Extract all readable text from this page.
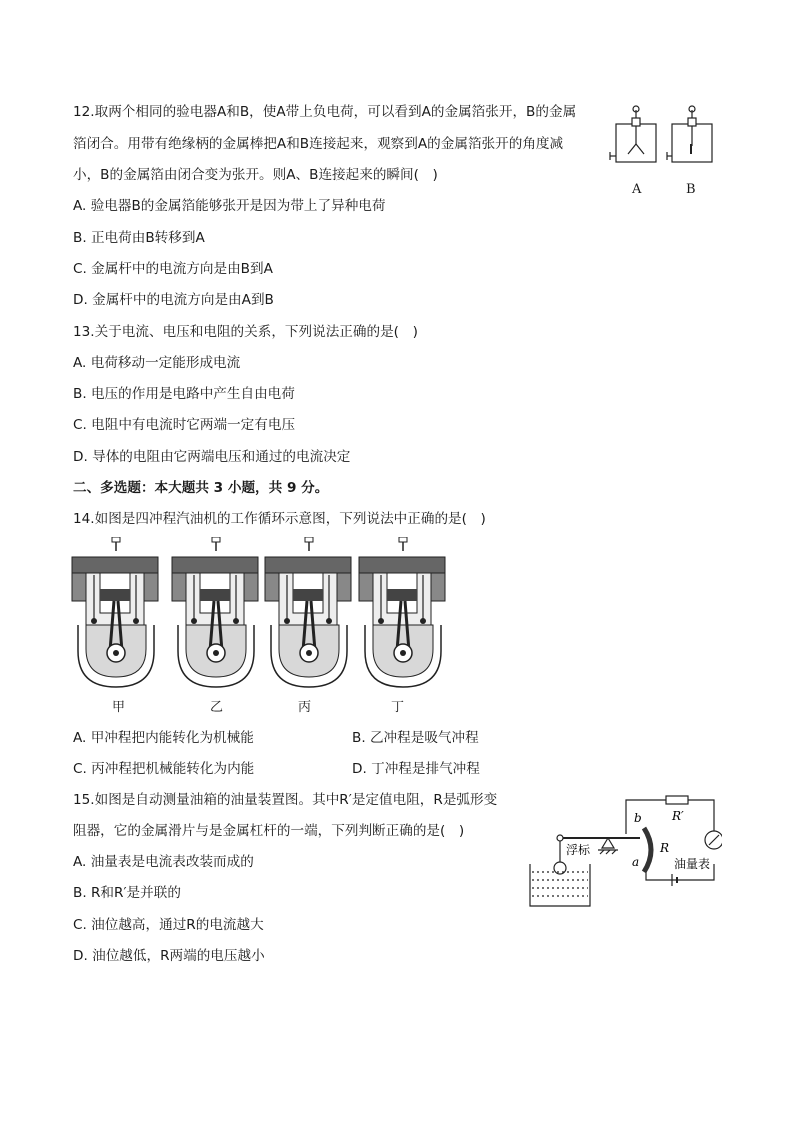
12.取两个相同的验电器A和B，使A带上负电荷，可以看到A的金属箔张开，B的金属
箔闭合。用带有绝缘柄的金属棒把A和B连接起来，观察到A的金属箔张开的角度减
小，B的金属箔由闭合变为张开。则A、B连接起来的瞬间(　)
A. 验电器B的金属箔能够张开是因为带上了异种电荷
B. 正电荷由B转移到A
C. 金属杆中的电流方向是由B到A
D. 金属杆中的电流方向是由A到B
A	B
13.关于电流、电压和电阻的关系，下列说法正确的是(　)
A. 电荷移动一定能形成电流
B. 电压的作用是电路中产生自由电荷
C. 电阻中有电流时它两端一定有电压
D. 导体的电阻由它两端电压和通过的电流决定
二、多选题：本大题共 3 小题，共 9 分。
14.如图是四冲程汽油机的工作循环示意图，下列说法中正确的是(　)
甲	乙	丙	丁
A. 甲冲程把内能转化为机械能	B. 乙冲程是吸气冲程
C. 丙冲程把机械能转化为内能	D. 丁冲程是排气冲程
15.如图是自动测量油箱的油量装置图。其中R′是定值电阻，R是弧形变
阻器，它的金属滑片与是金属杠杆的一端，下列判断正确的是(　)
A. 油量表是电流表改装而成的
B. R和R′是并联的
C. 油位越高，通过R的电流越大
D. 油位越低，R两端的电压越小
浮标
油量表
R′
R
b
a
